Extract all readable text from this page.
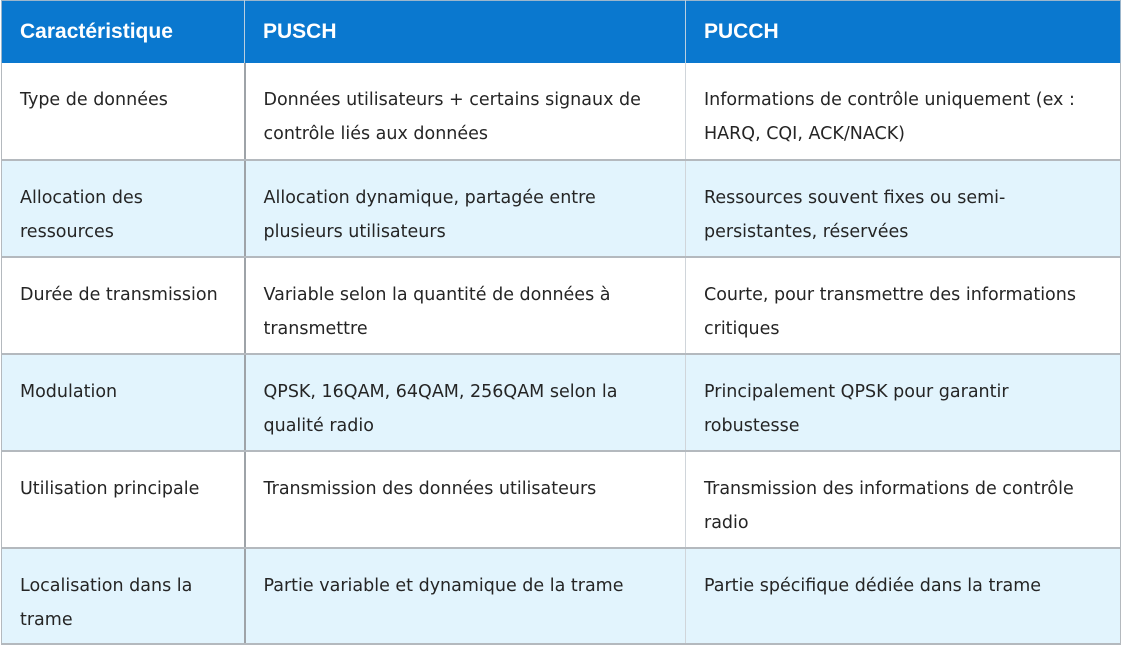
Caractéristique	PUSCH	PUCCH
Type de données	Données utilisateurs + certains signaux de contrôle liés aux données	Informations de contrôle uniquement (ex : HARQ, CQI, ACK/NACK)
Allocation des ressources	Allocation dynamique, partagée entre plusieurs utilisateurs	Ressources souvent fixes ou semi-persistantes, réservées
Durée de transmission	Variable selon la quantité de données à transmettre	Courte, pour transmettre des informations critiques
Modulation	QPSK, 16QAM, 64QAM, 256QAM selon la qualité radio	Principalement QPSK pour garantir robustesse
Utilisation principale	Transmission des données utilisateurs	Transmission des informations de contrôle radio
Localisation dans la trame	Partie variable et dynamique de la trame	Partie spécifique dédiée dans la trame
